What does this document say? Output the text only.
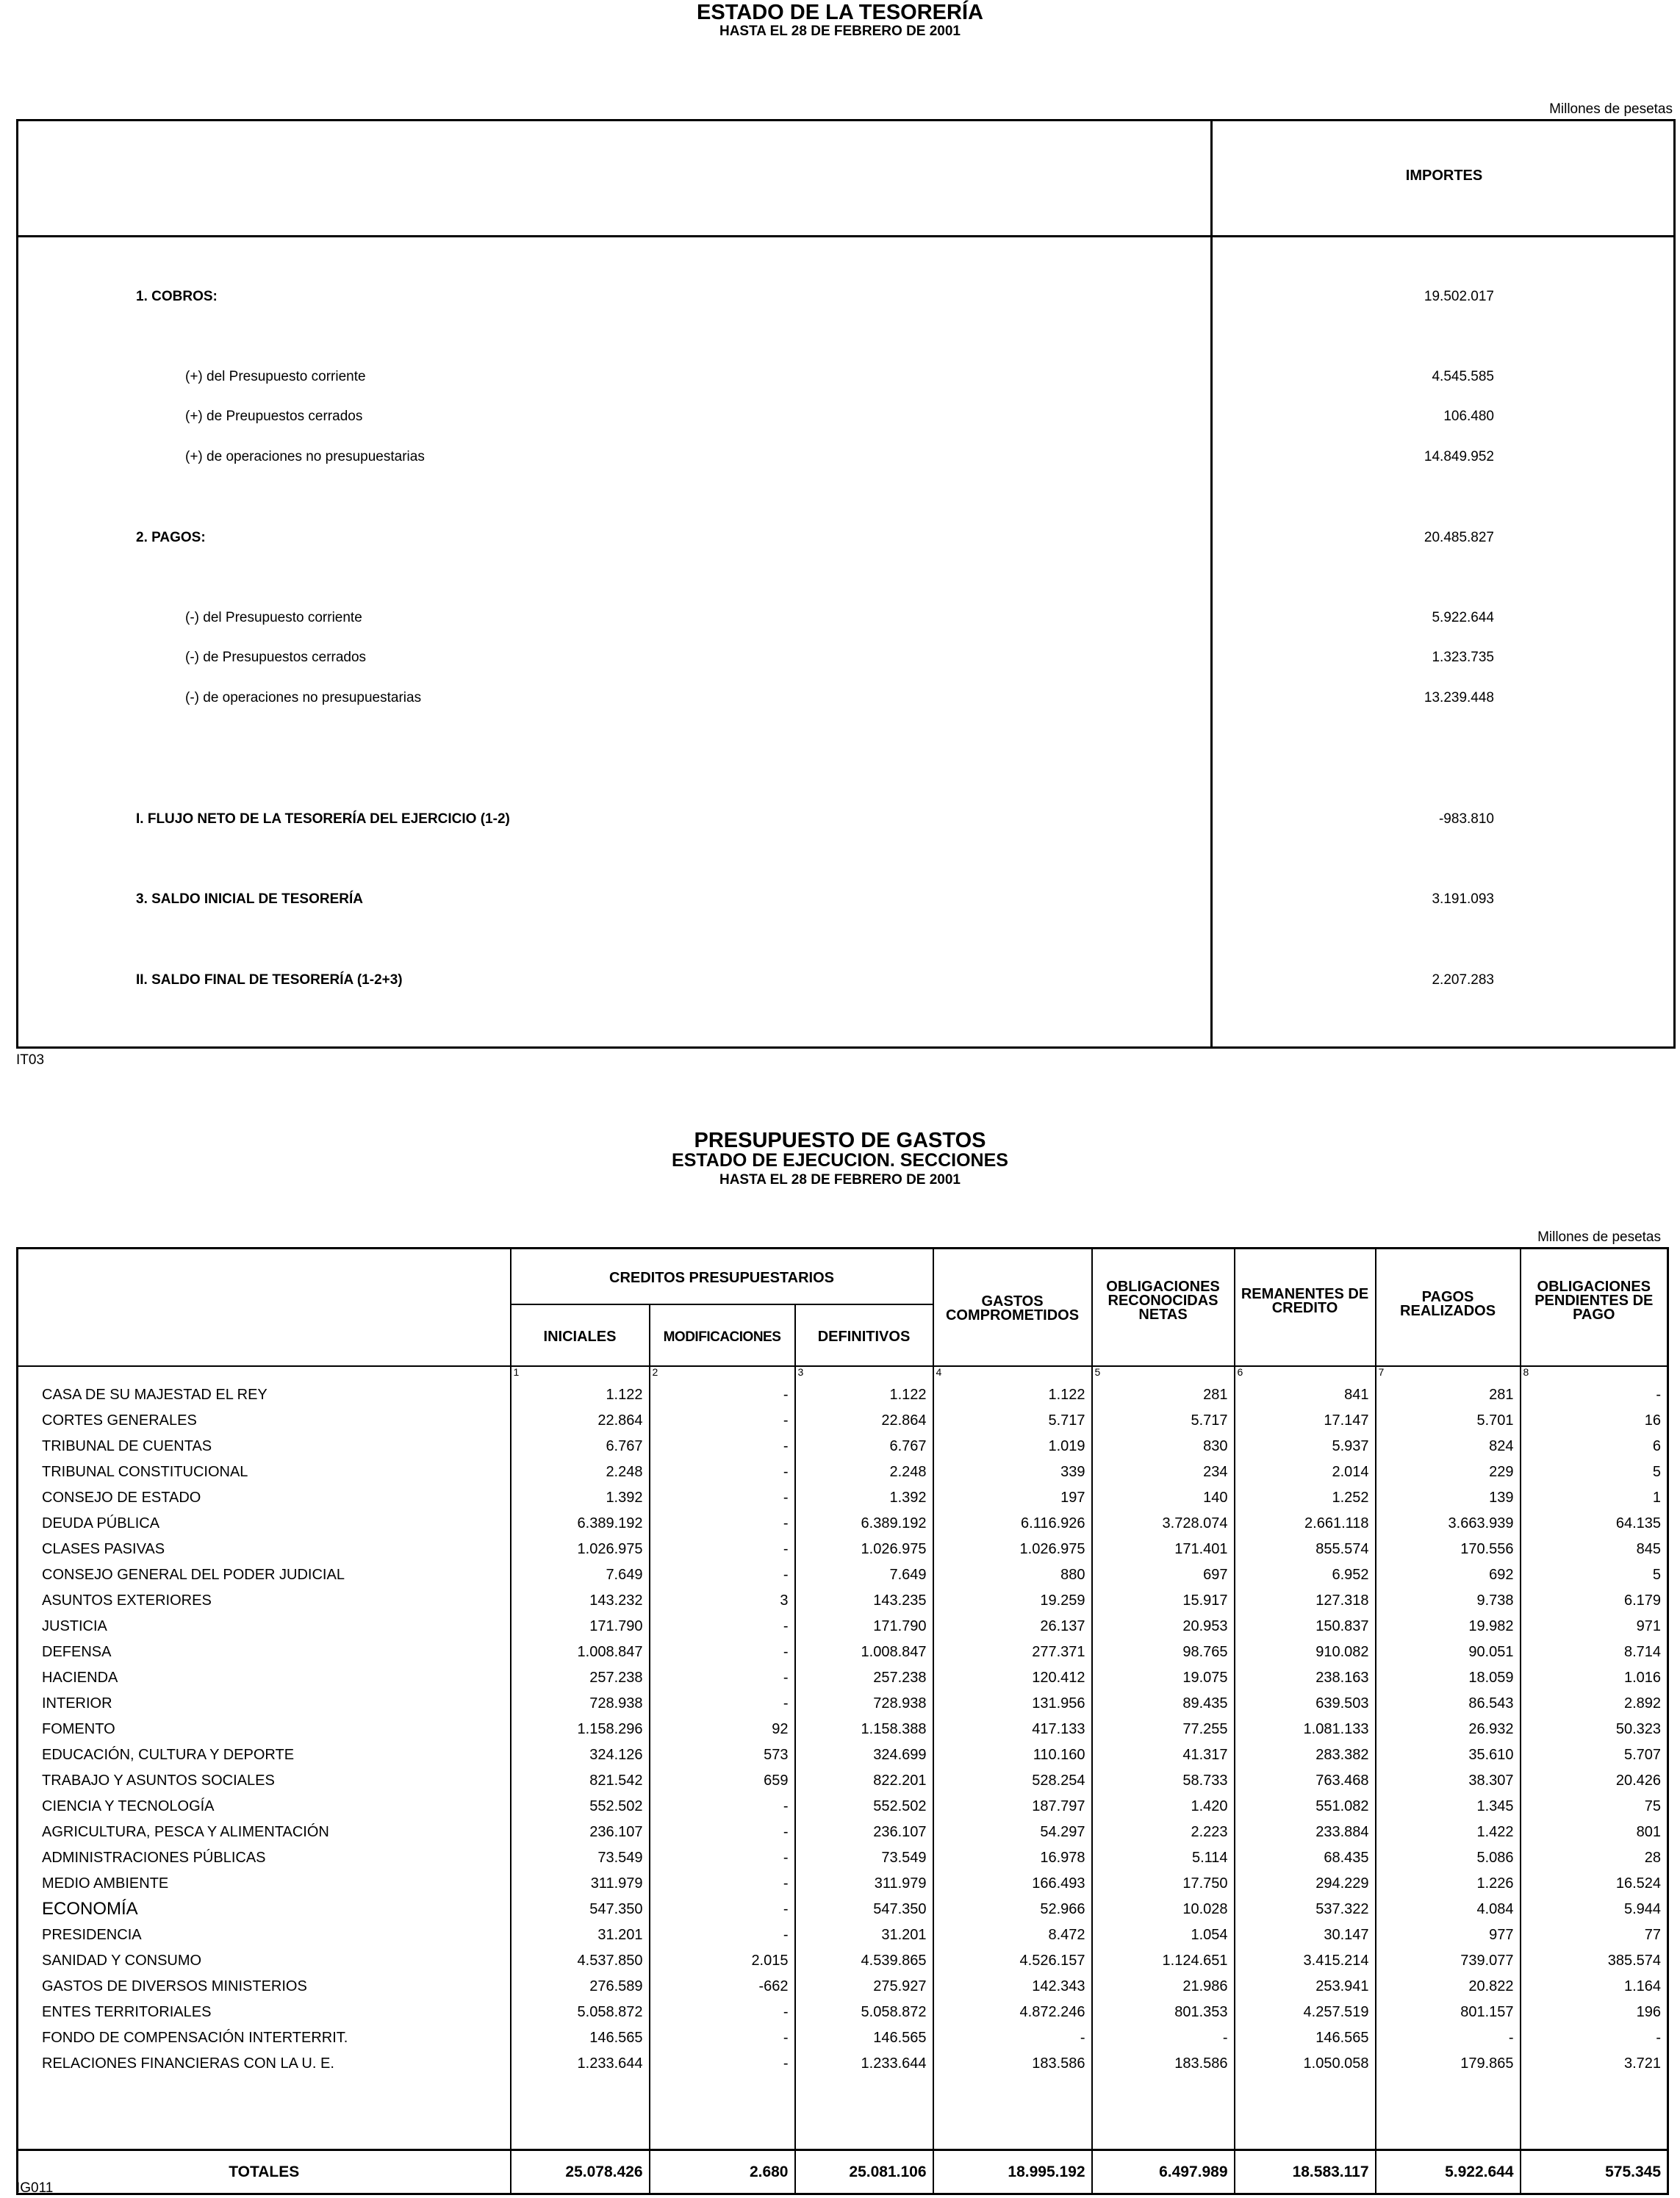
ESTADO DE LA TESORERÍA
HASTA EL 28 DE FEBRERO DE 2001
Millones de pesetas
IMPORTES
1. COBROS:	19.502.017
(+) del Presupuesto corriente	4.545.585
(+) de Preupuestos cerrados	106.480
(+) de operaciones no presupuestarias	14.849.952
2. PAGOS:	20.485.827
(-) del Presupuesto corriente	5.922.644
(-) de Presupuestos cerrados	1.323.735
(-) de operaciones no presupuestarias	13.239.448
I. FLUJO NETO DE LA TESORERÍA DEL EJERCICIO (1-2)	-983.810
3. SALDO INICIAL DE TESORERÍA	3.191.093
II. SALDO FINAL DE TESORERÍA (1-2+3)	2.207.283
IT03
PRESUPUESTO DE GASTOS
ESTADO DE EJECUCION. SECCIONES
HASTA EL 28 DE FEBRERO DE 2001
Millones de pesetas
	CREDITOS PRESUPUESTARIOS			GASTOS COMPROMETIDOS	OBLIGACIONES RECONOCIDAS NETAS	REMANENTES DE CREDITO	PAGOS REALIZADOS	OBLIGACIONES PENDIENTES DE PAGO
	INICIALES	MODIFICACIONES	DEFINITIVOS					
	1	2	3	4	5	6	7	8
CASA DE SU MAJESTAD EL REY	1.122	-	1.122	1.122	281	841	281	-
CORTES GENERALES	22.864	-	22.864	5.717	5.717	17.147	5.701	16
TRIBUNAL DE CUENTAS	6.767	-	6.767	1.019	830	5.937	824	6
TRIBUNAL CONSTITUCIONAL	2.248	-	2.248	339	234	2.014	229	5
CONSEJO DE ESTADO	1.392	-	1.392	197	140	1.252	139	1
DEUDA PÚBLICA	6.389.192	-	6.389.192	6.116.926	3.728.074	2.661.118	3.663.939	64.135
CLASES PASIVAS	1.026.975	-	1.026.975	1.026.975	171.401	855.574	170.556	845
CONSEJO GENERAL DEL PODER JUDICIAL	7.649	-	7.649	880	697	6.952	692	5
ASUNTOS EXTERIORES	143.232	3	143.235	19.259	15.917	127.318	9.738	6.179
JUSTICIA	171.790	-	171.790	26.137	20.953	150.837	19.982	971
DEFENSA	1.008.847	-	1.008.847	277.371	98.765	910.082	90.051	8.714
HACIENDA	257.238	-	257.238	120.412	19.075	238.163	18.059	1.016
INTERIOR	728.938	-	728.938	131.956	89.435	639.503	86.543	2.892
FOMENTO	1.158.296	92	1.158.388	417.133	77.255	1.081.133	26.932	50.323
EDUCACIÓN, CULTURA Y DEPORTE	324.126	573	324.699	110.160	41.317	283.382	35.610	5.707
TRABAJO Y ASUNTOS SOCIALES	821.542	659	822.201	528.254	58.733	763.468	38.307	20.426
CIENCIA Y TECNOLOGÍA	552.502	-	552.502	187.797	1.420	551.082	1.345	75
AGRICULTURA, PESCA Y ALIMENTACIÓN	236.107	-	236.107	54.297	2.223	233.884	1.422	801
ADMINISTRACIONES PÚBLICAS	73.549	-	73.549	16.978	5.114	68.435	5.086	28
MEDIO AMBIENTE	311.979	-	311.979	166.493	17.750	294.229	1.226	16.524
ECONOMÍA	547.350	-	547.350	52.966	10.028	537.322	4.084	5.944
PRESIDENCIA	31.201	-	31.201	8.472	1.054	30.147	977	77
SANIDAD Y CONSUMO	4.537.850	2.015	4.539.865	4.526.157	1.124.651	3.415.214	739.077	385.574
GASTOS DE DIVERSOS MINISTERIOS	276.589	-662	275.927	142.343	21.986	253.941	20.822	1.164
ENTES TERRITORIALES	5.058.872	-	5.058.872	4.872.246	801.353	4.257.519	801.157	196
FONDO DE COMPENSACIÓN INTERTERRIT.	146.565	-	146.565	-	-	146.565	-	-
RELACIONES FINANCIERAS CON LA U. E.	1.233.644	-	1.233.644	183.586	183.586	1.050.058	179.865	3.721

TOTALES	25.078.426	2.680	25.081.106	18.995.192	6.497.989	18.583.117	5.922.644	575.345
IG011
